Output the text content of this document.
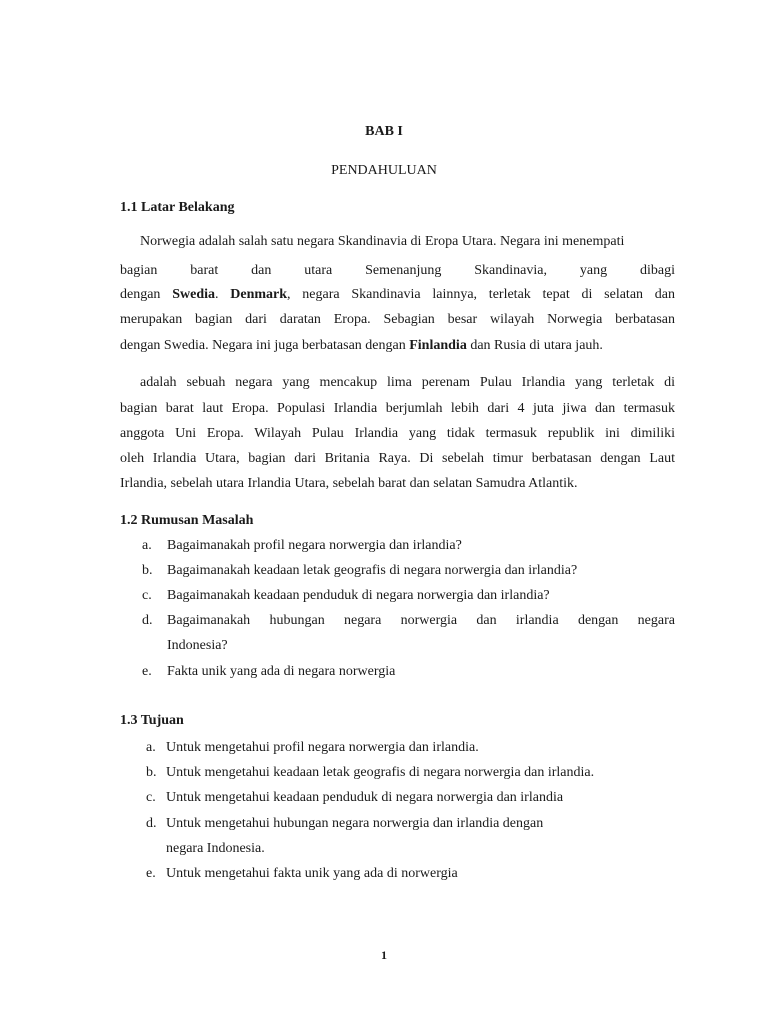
BAB I
PENDAHULUAN
1.1 Latar Belakang
Norwegia adalah salah satu negara Skandinavia di Eropa Utara. Negara ini menempati
bagian barat dan utara Semenanjung Skandinavia, yang dibagi
dengan Swedia. Denmark, negara Skandinavia lainnya, terletak tepat di selatan dan
merupakan bagian dari daratan Eropa. Sebagian besar wilayah Norwegia berbatasan
dengan Swedia. Negara ini juga berbatasan dengan Finlandia dan Rusia di utara jauh.
adalah sebuah negara yang mencakup lima perenam Pulau Irlandia yang terletak di
bagian barat laut Eropa. Populasi Irlandia berjumlah lebih dari 4 juta jiwa dan termasuk
anggota Uni Eropa. Wilayah Pulau Irlandia yang tidak termasuk republik ini dimiliki
oleh Irlandia Utara, bagian dari Britania Raya. Di sebelah timur berbatasan dengan Laut
Irlandia, sebelah utara Irlandia Utara, sebelah barat dan selatan Samudra Atlantik.
1.2 Rumusan Masalah
a. Bagaimanakah profil negara norwergia dan irlandia?
b. Bagaimanakah keadaan letak geografis di negara norwergia dan irlandia?
c. Bagaimanakah keadaan penduduk di negara norwergia dan irlandia?
d. Bagaimanakah hubungan negara norwergia dan irlandia dengan negara
Indonesia?
e. Fakta unik yang ada di negara norwergia
1.3 Tujuan
a. Untuk mengetahui profil negara norwergia dan irlandia.
b. Untuk mengetahui keadaan letak geografis di negara norwergia dan irlandia.
c. Untuk mengetahui keadaan penduduk di negara norwergia dan irlandia
d. Untuk mengetahui hubungan negara norwergia dan irlandia dengan
negara Indonesia.
e. Untuk mengetahui fakta unik yang ada di norwergia
1
